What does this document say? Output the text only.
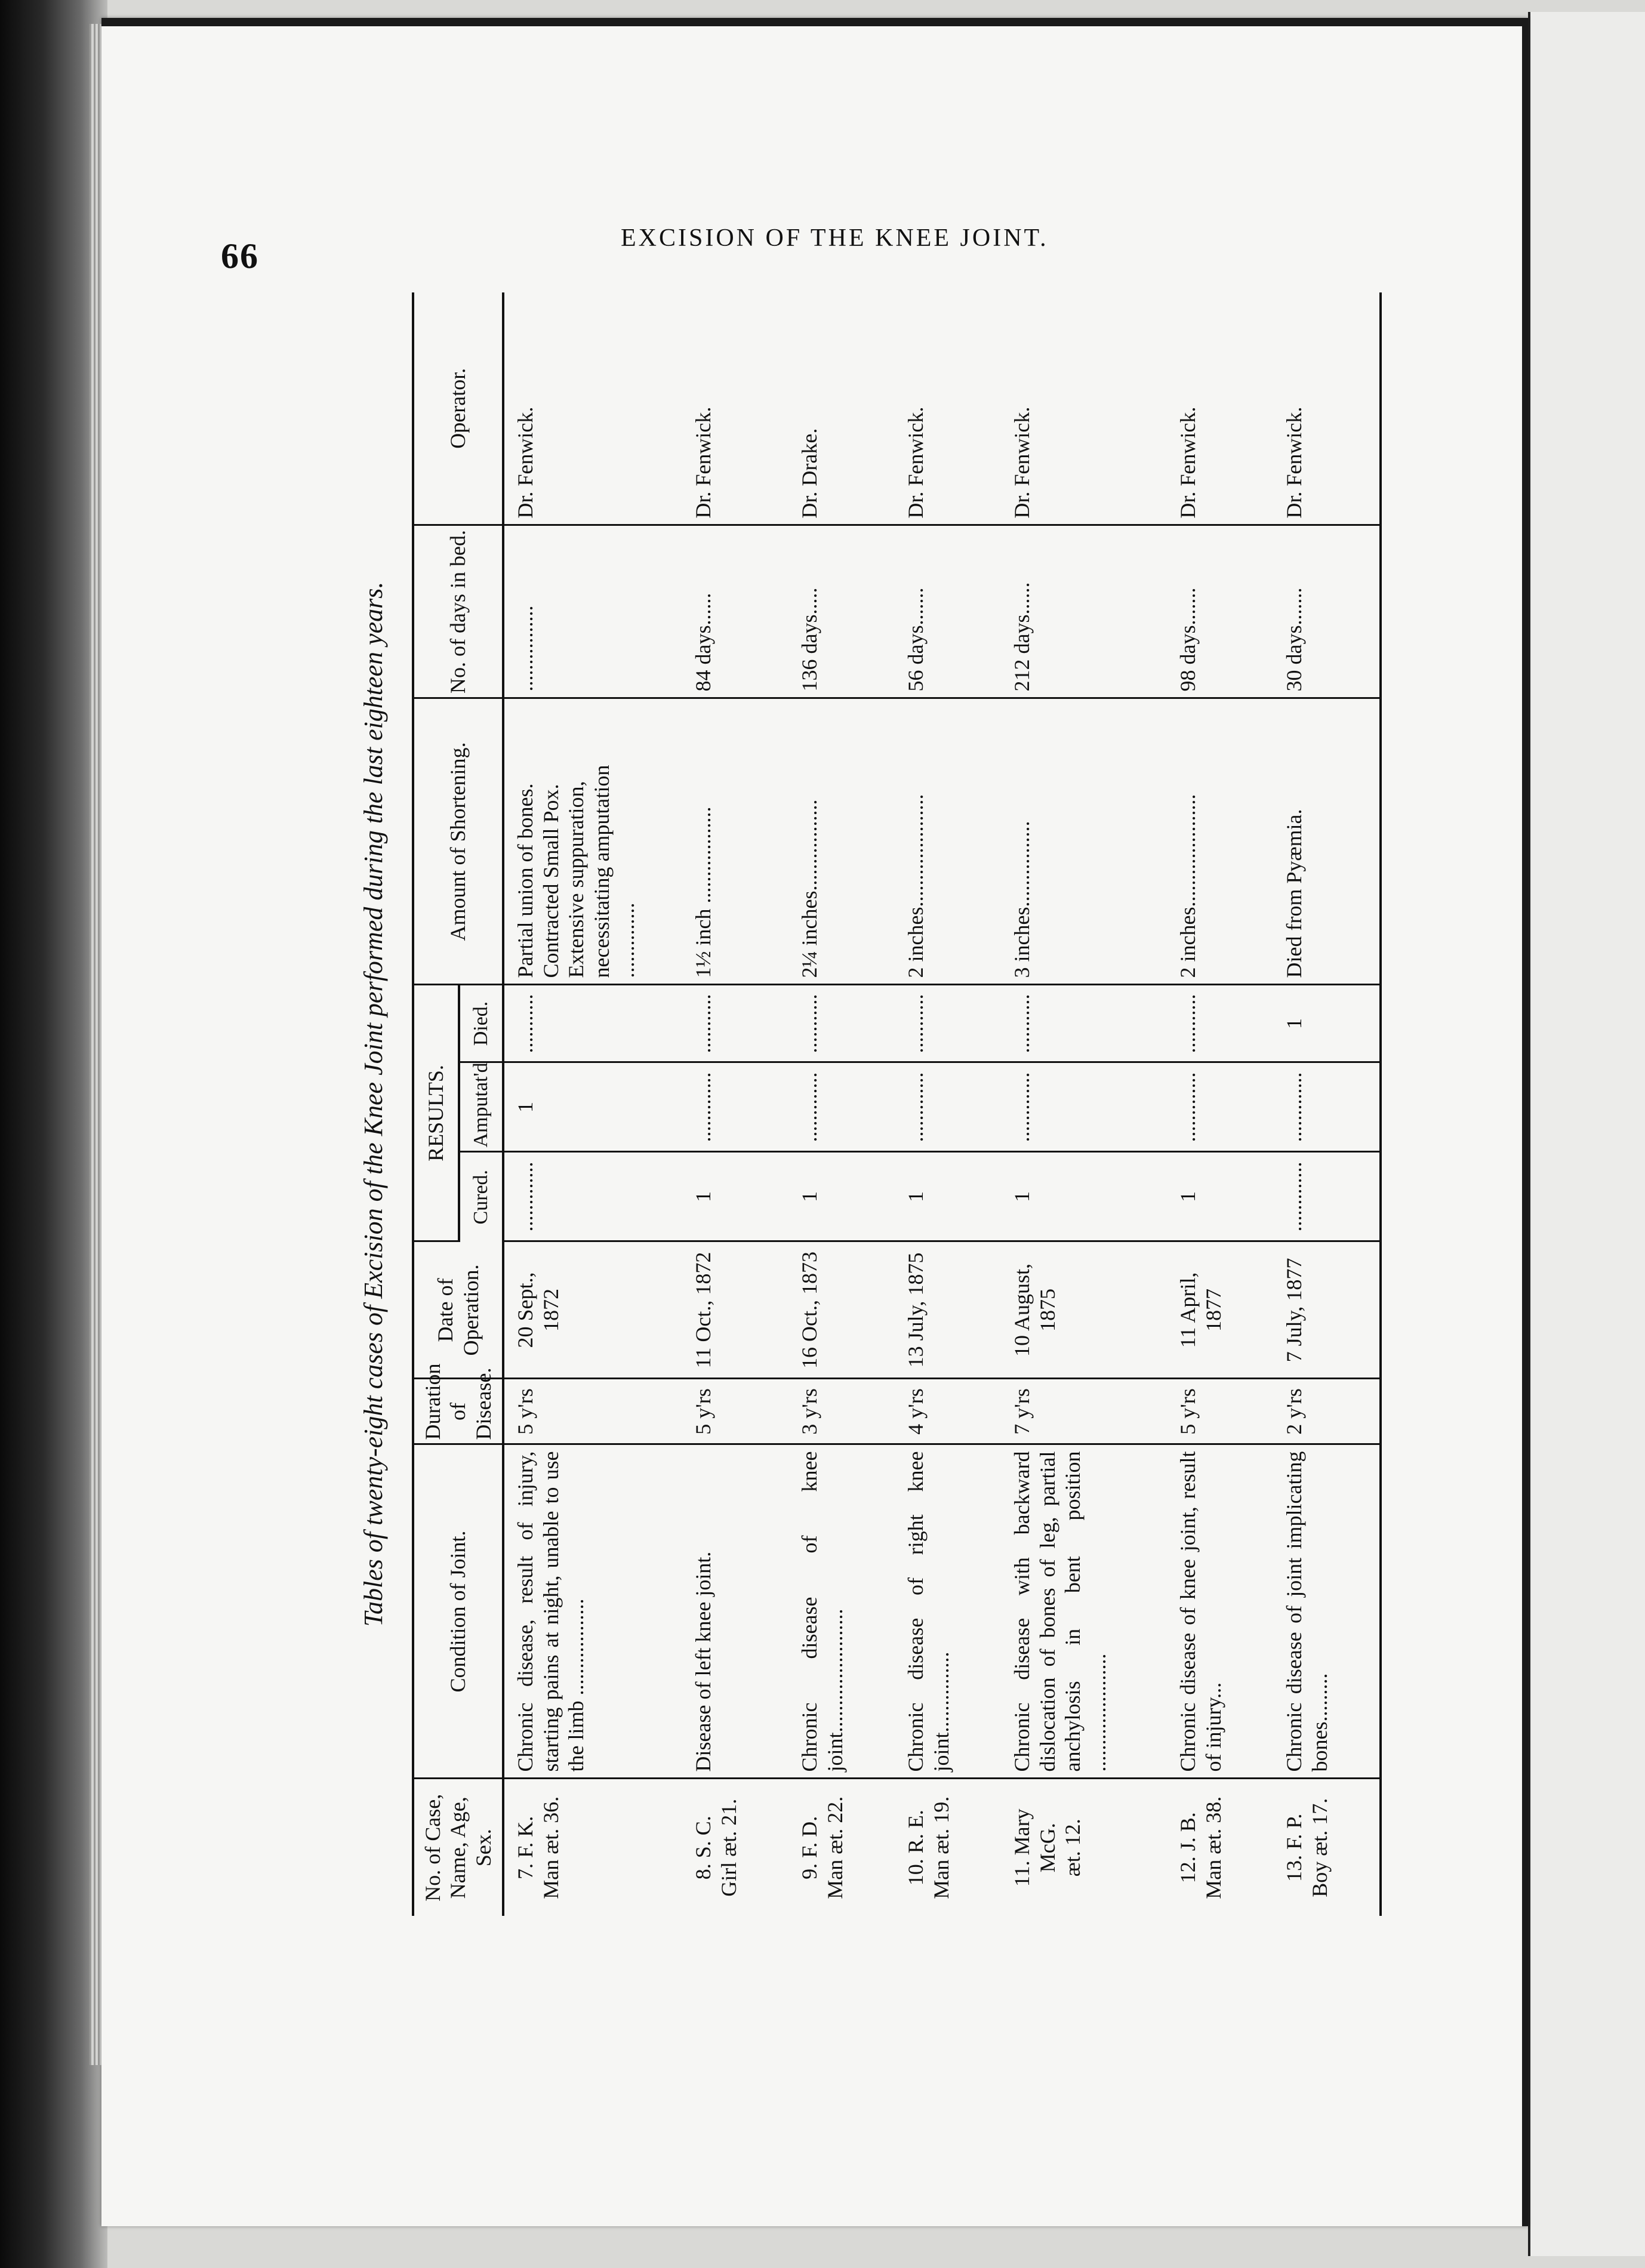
66	EXCISION OF THE KNEE JOINT.
Tables of twenty-eight cases of Excision of the Knee Joint performed during the last eighteen years.
No. of Case, Name, Age, Sex.	Condition of Joint.	Duration of Disease.	Date of Operation.	RESULTS.			Amount of Shortening.	No. of days in bed.	Operator.
				Cured.	Amputat'd	Died.			

7. F. K. Man æt. 36.	Chronic disease, result of injury, starting pains at night, unable to use the limb ..................	5 y'rs	20 Sept., 1872	.............	1	...........	Partial union of bones. Contracted Small Pox. Extensive suppuration, necessitating amputation ..............	................	Dr. Fenwick.

8. S. C. Girl æt. 21.	Disease of left knee joint.	5 y'rs	11 Oct., 1872	1	.............	...........	1½ inch ..................	84 days......	Dr. Fenwick.

9. F. D. Man æt. 22.	Chronic disease of knee joint.......................	3 y'rs	16 Oct., 1873	1	.............	...........	2¼ inches.................	136 days.....	Dr. Drake.

10. R. E. Man æt. 19.	Chronic disease of right knee joint...............	4 y'rs	13 July, 1875	1	.............	...........	2 inches.....................	56 days.......	Dr. Fenwick.

11. Mary McG. æt. 12.	Chronic disease with backward dislocation of bones of leg, partial anchylosis in bent position ......................	7 y'rs	10 August, 1875	1	.............	...........	3 inches................	212 days......	Dr. Fenwick.

12. J. B. Man æt. 38.	Chronic disease of knee joint, result of injury...	5 y'rs	11 April, 1877	1	.............	...........	2 inches.....................	98 days.......	Dr. Fenwick.

13. F. P. Boy æt. 17.	Chronic disease of joint implicating bones.........	2 y'rs	7 July, 1877	.............	.............	1	Died from Pyæmia.	30 days.......	Dr. Fenwick.
